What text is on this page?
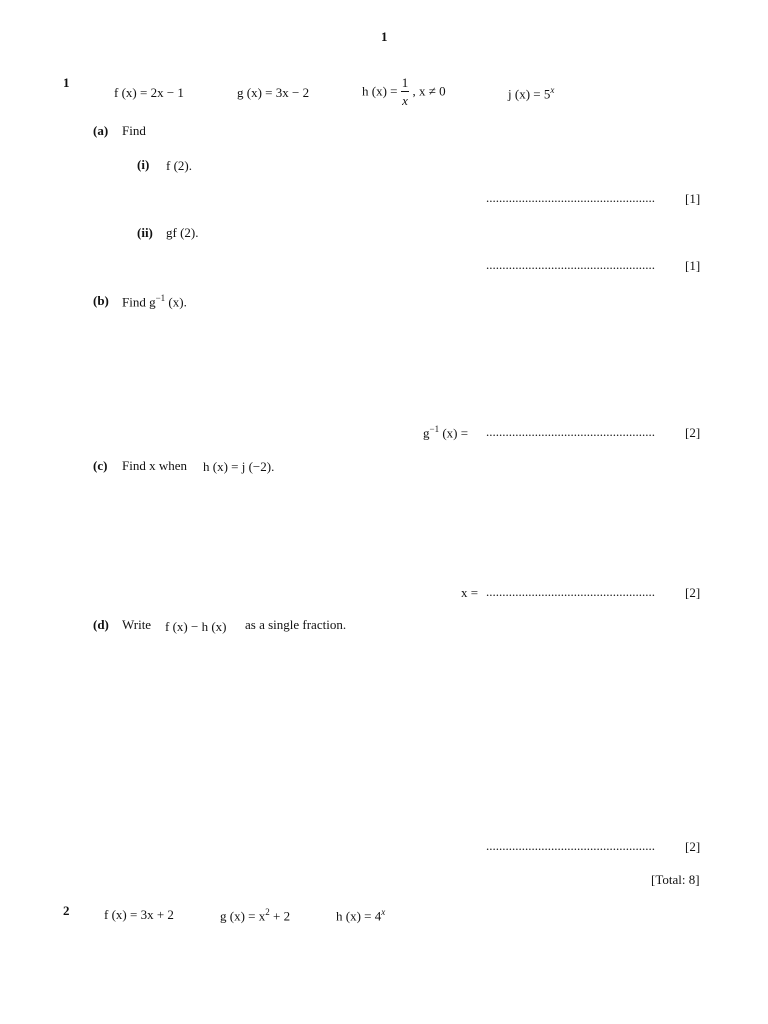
1
1
f (x) = 2x − 1	g (x) = 3x − 2	h $(x) = \frac{1}{x}$ , x ≠ 0	j $(x) = 5^x$
(a) Find
(i) f (2).
.................................................... [1]
(ii) gf (2).
.................................................... [1]
(b) Find $g^{-1}$ (x).
$g^{-1}$ (x) = .................................................... [2]
(c) Find x when h (x) = j (−2).
x = .................................................... [2]
(d) Write f (x) − h (x) as a single fraction.
.................................................... [2]
[Total: 8]
2	f (x) = 3x + 2	g $(x) = x^2 + 2$	h $(x) = 4^x$
